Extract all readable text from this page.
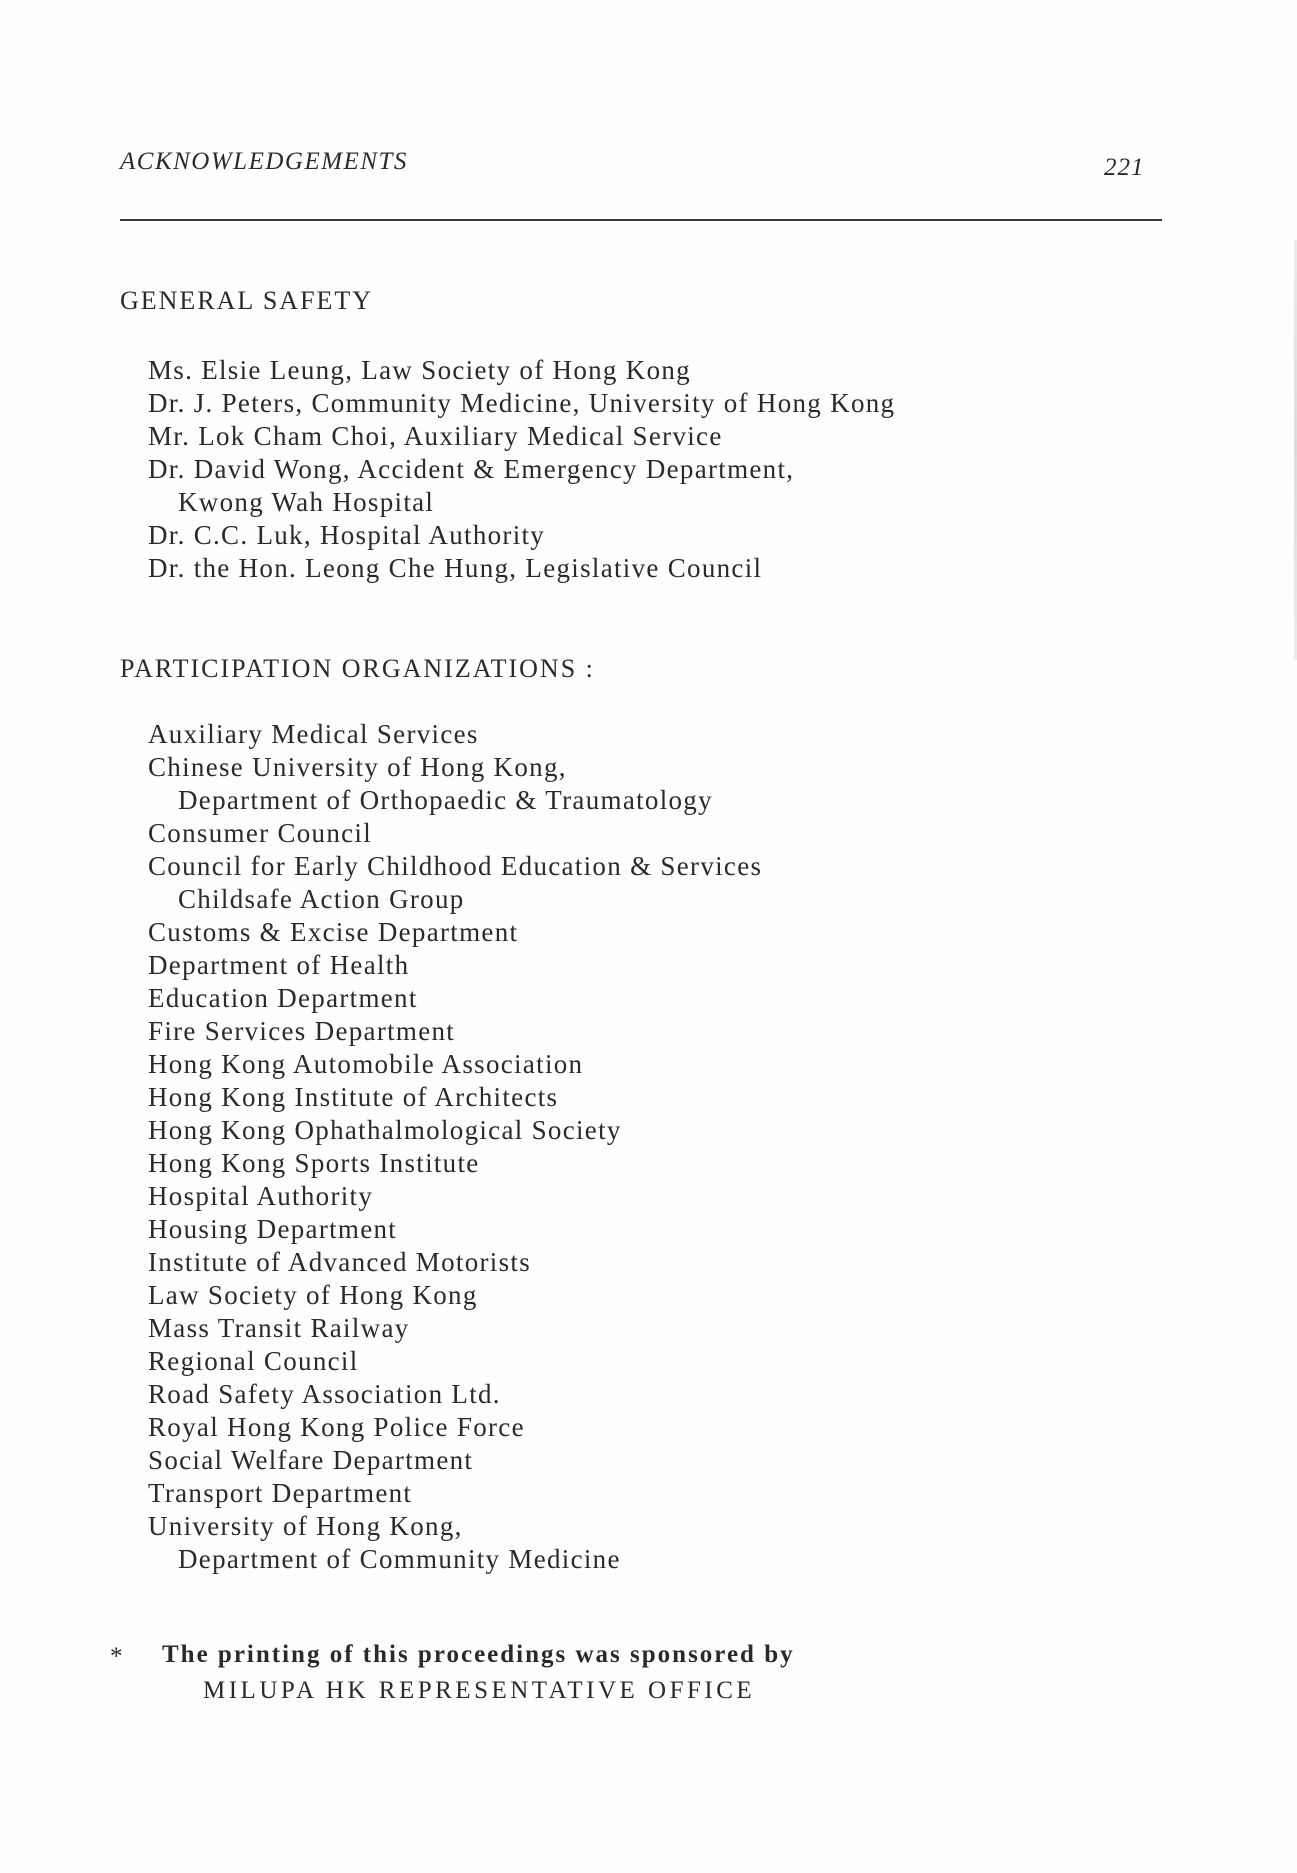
ACKNOWLEDGEMENTS	221
GENERAL SAFETY
Ms. Elsie Leung, Law Society of Hong Kong
Dr. J. Peters, Community Medicine, University of Hong Kong
Mr. Lok Cham Choi, Auxiliary Medical Service
Dr. David Wong, Accident & Emergency Department,
Kwong Wah Hospital
Dr. C.C. Luk, Hospital Authority
Dr. the Hon. Leong Che Hung, Legislative Council
PARTICIPATION ORGANIZATIONS :
Auxiliary Medical Services
Chinese University of Hong Kong,
Department of Orthopaedic & Traumatology
Consumer Council
Council for Early Childhood Education & Services
Childsafe Action Group
Customs & Excise Department
Department of Health
Education Department
Fire Services Department
Hong Kong Automobile Association
Hong Kong Institute of Architects
Hong Kong Ophathalmological Society
Hong Kong Sports Institute
Hospital Authority
Housing Department
Institute of Advanced Motorists
Law Society of Hong Kong
Mass Transit Railway
Regional Council
Road Safety Association Ltd.
Royal Hong Kong Police Force
Social Welfare Department
Transport Department
University of Hong Kong,
Department of Community Medicine
* The printing of this proceedings was sponsored by
MILUPA HK REPRESENTATIVE OFFICE
